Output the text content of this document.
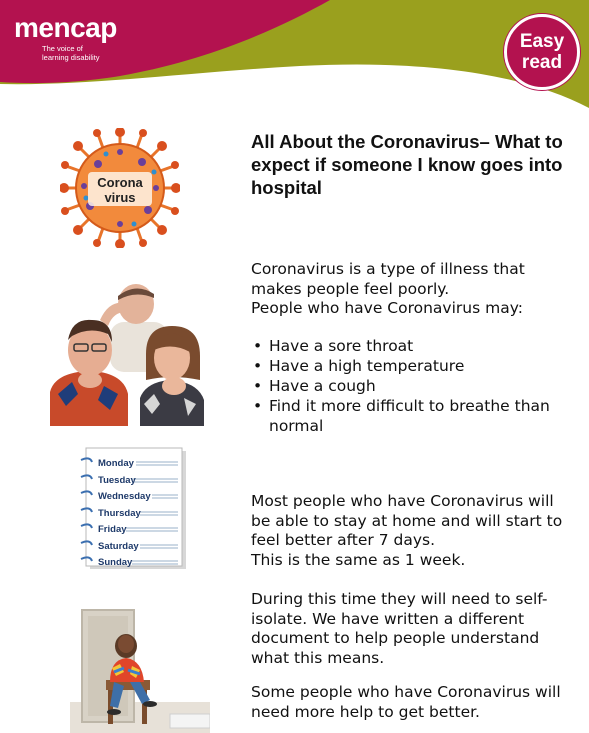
mencap
The voice of
learning disability
Easy
read
Corona
virus
All About the Coronavirus– What to expect if someone I know goes into hospital

Coronavirus is a type of illness that makes people feel poorly.
People who have Coronavirus may:

• Have a sore throat
• Have a high temperature
• Have a cough
• Find it more difficult to breathe than normal
Monday
Tuesday
Wednesday
Thursday
Friday
Saturday
Sunday

Most people who have Coronavirus will be able to stay at home and will start to feel better after 7 days.
This is the same as 1 week.

During this time they will need to self-isolate. We have written a different document to help people understand what this means.

Some people who have Coronavirus will need more help to get better.
